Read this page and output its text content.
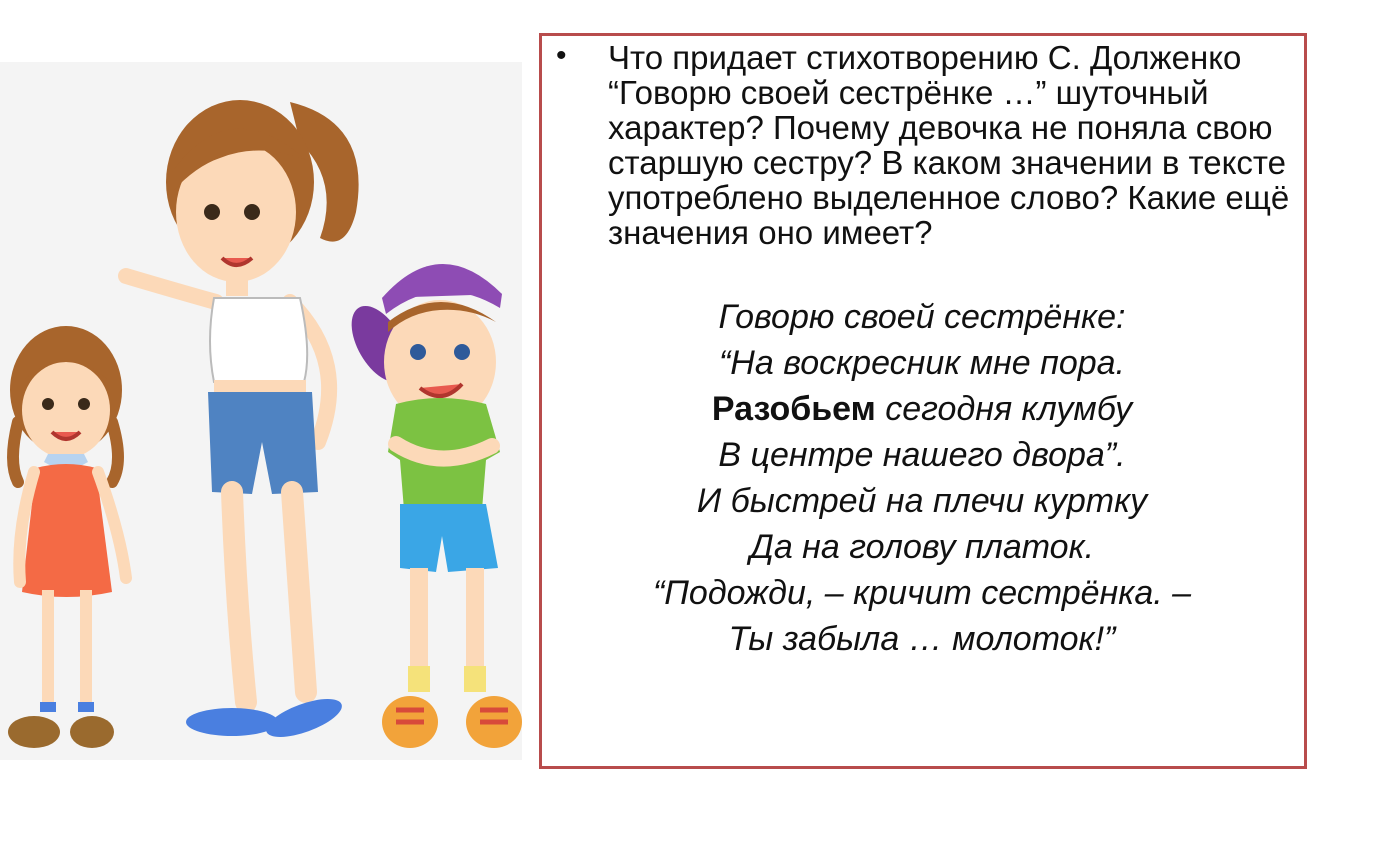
• Что придает стихотворению С. Долженко “Говорю своей сестрёнке …” шуточный характер? Почему девочка не поняла свою старшую сестру? В каком значении в тексте употреблено выделенное слово? Какие ещё значения оно имеет?

Говорю своей сестрёнке:
“На воскресник мне пора.
Разобьем сегодня клумбу
В центре нашего двора”.
И быстрей на плечи куртку
Да на голову платок.
“Подожди, – кричит сестрёнка. –
Ты забыла … молоток!”
